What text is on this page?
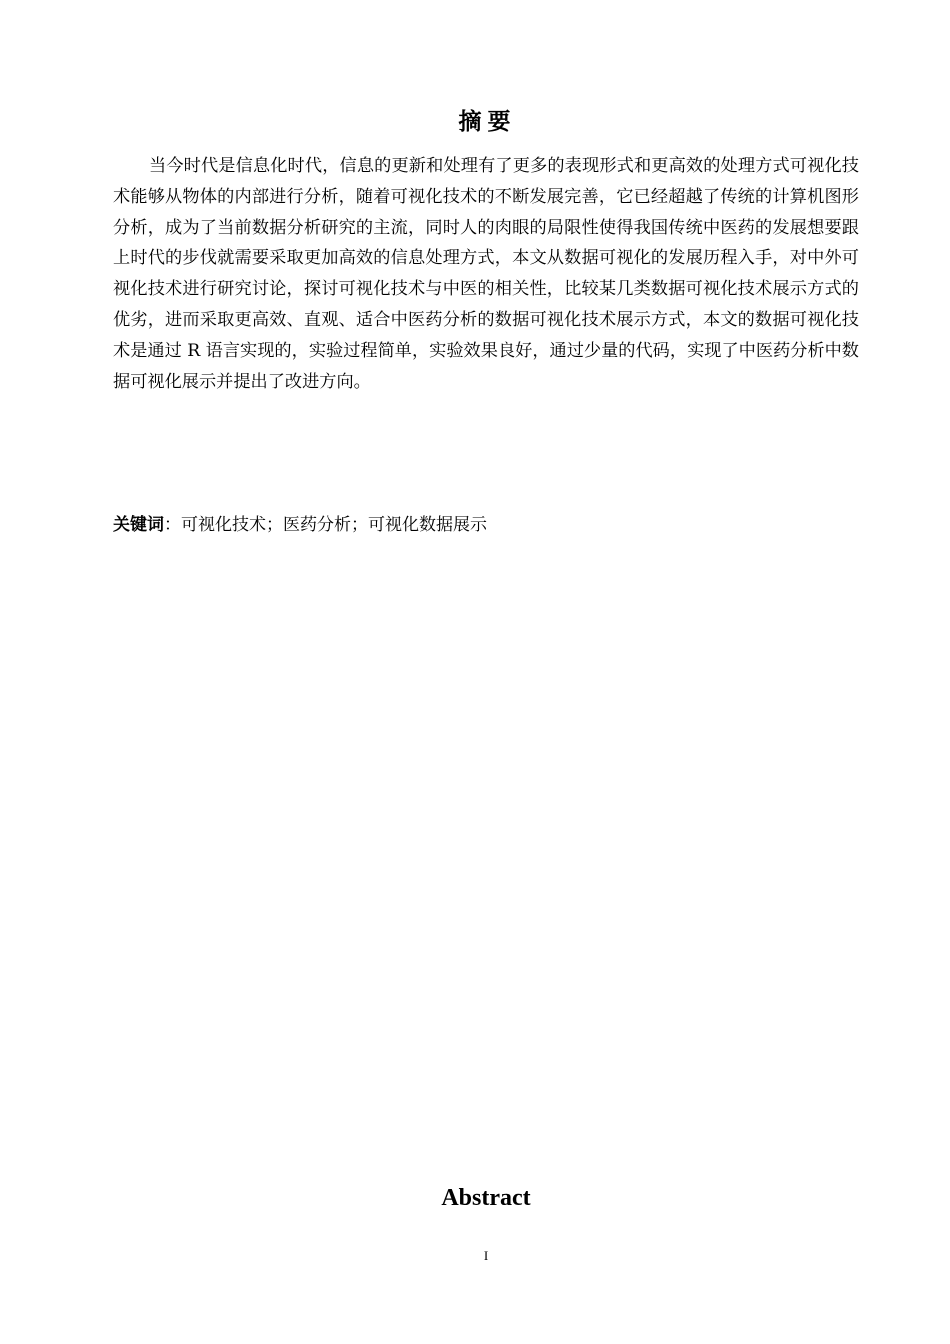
摘要

当今时代是信息化时代，信息的更新和处理有了更多的表现形式和更高效的处理方式可视化技术能够从物体的内部进行分析，随着可视化技术的不断发展完善，它已经超越了传统的计算机图形分析，成为了当前数据分析研究的主流，同时人的肉眼的局限性使得我国传统中医药的发展想要跟上时代的步伐就需要采取更加高效的信息处理方式，本文从数据可视化的发展历程入手，对中外可视化技术进行研究讨论，探讨可视化技术与中医的相关性，比较某几类数据可视化技术展示方式的优劣，进而采取更高效、直观、适合中医药分析的数据可视化技术展示方式，本文的数据可视化技术是通过 R 语言实现的，实验过程简单，实验效果良好，通过少量的代码，实现了中医药分析中数据可视化展示并提出了改进方向。

关键词：可视化技术；医药分析；可视化数据展示
Abstract
I
